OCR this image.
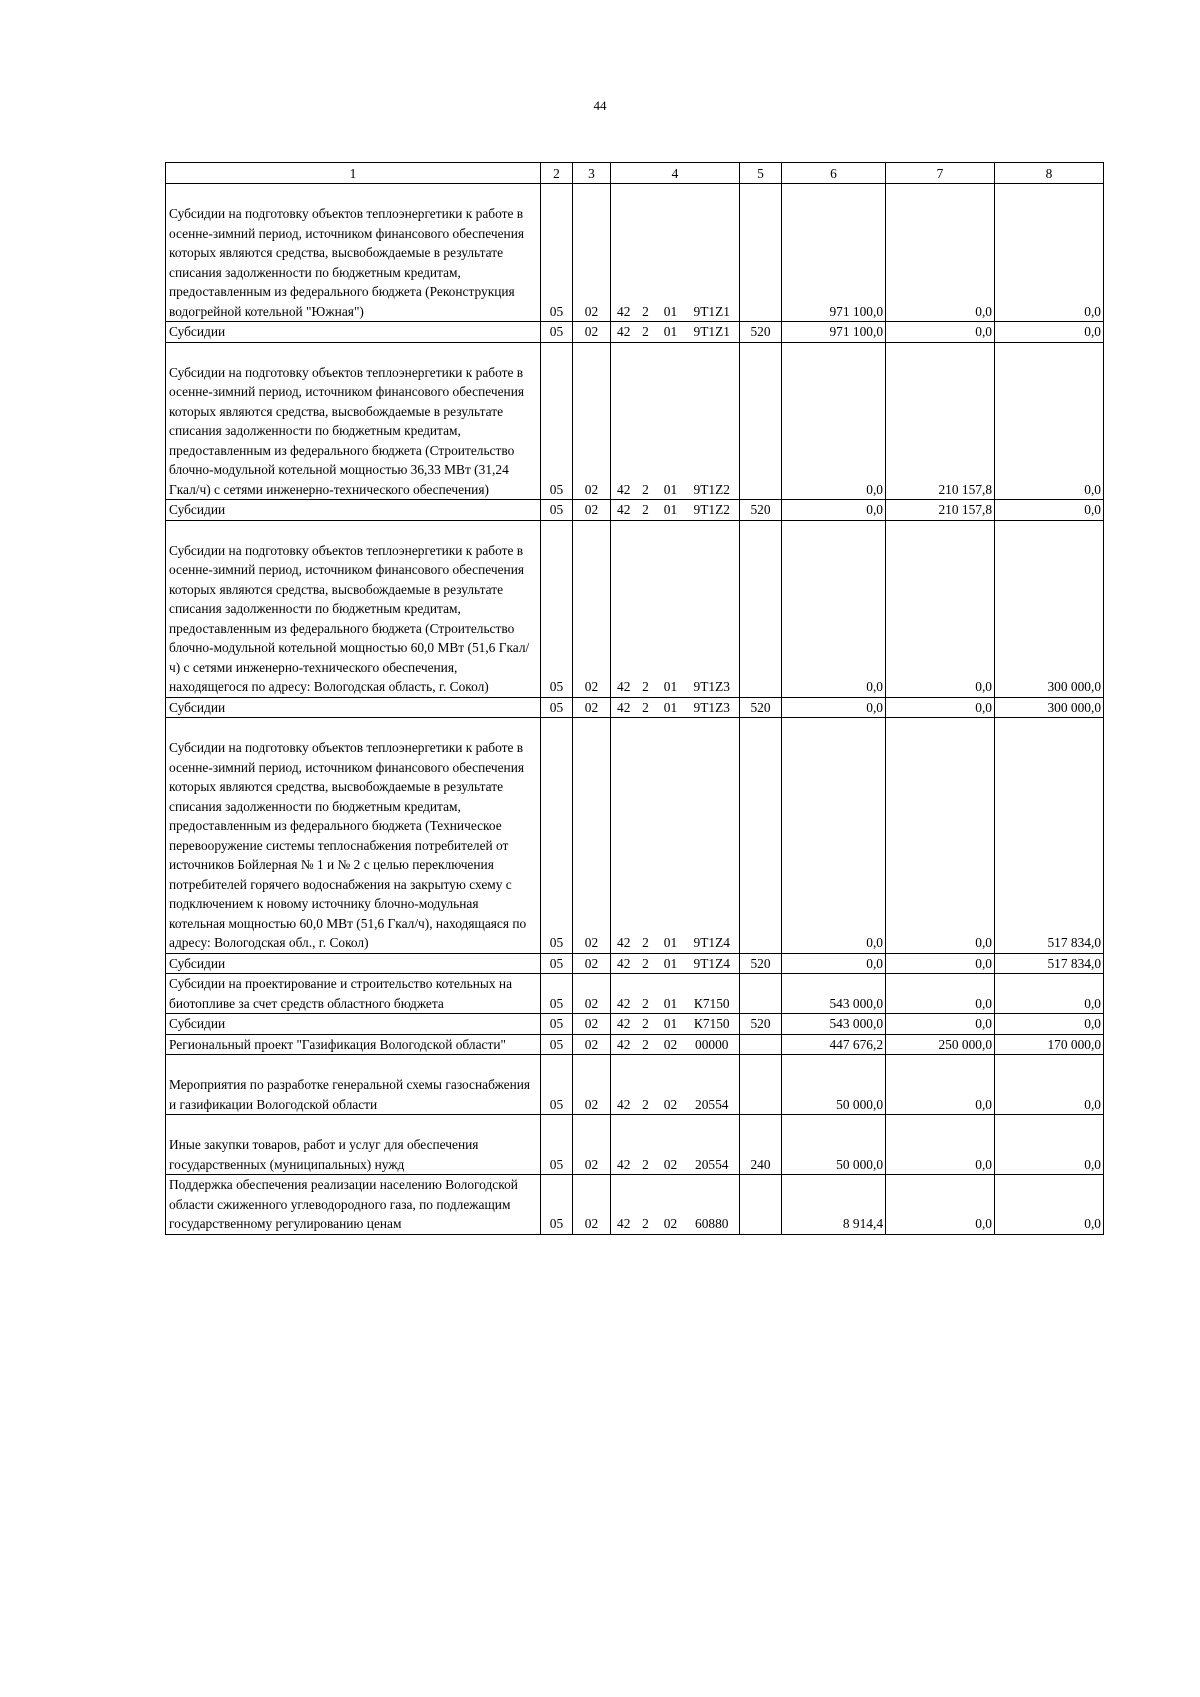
44
1	2	3	4				5	6	7	8
Субсидии на подготовку объектов теплоэнергетики к работе в осенне-зимний период, источником финансового обеспечения которых являются средства, высвобождаемые в результате списания задолженности по бюджетным кредитам, предоставленным из федерального бюджета (Реконструкция водогрейной котельной "Южная")	05	02	42	2	01	9Т1Z1		971 100,0	0,0	0,0
Субсидии	05	02	42	2	01	9Т1Z1	520	971 100,0	0,0	0,0
Субсидии на подготовку объектов теплоэнергетики к работе в осенне-зимний период, источником финансового обеспечения которых являются средства, высвобождаемые в результате списания задолженности по бюджетным кредитам, предоставленным из федерального бюджета (Строительство блочно-модульной котельной мощностью 36,33 МВт (31,24 Гкал/ч) с сетями инженерно-технического обеспечения)	05	02	42	2	01	9Т1Z2		0,0	210 157,8	0,0
Субсидии	05	02	42	2	01	9Т1Z2	520	0,0	210 157,8	0,0
Субсидии на подготовку объектов теплоэнергетики к работе в осенне-зимний период, источником финансового обеспечения которых являются средства, высвобождаемые в результате списания задолженности по бюджетным кредитам, предоставленным из федерального бюджета (Строительство блочно-модульной котельной мощностью 60,0 МВт (51,6 Гкал/ч) с сетями инженерно-технического обеспечения, находящегося по адресу: Вологодская область, г. Сокол)	05	02	42	2	01	9Т1Z3		0,0	0,0	300 000,0
Субсидии	05	02	42	2	01	9Т1Z3	520	0,0	0,0	300 000,0
Субсидии на подготовку объектов теплоэнергетики к работе в осенне-зимний период, источником финансового обеспечения которых являются средства, высвобождаемые в результате списания задолженности по бюджетным кредитам, предоставленным из федерального бюджета (Техническое перевооружение системы теплоснабжения потребителей от источников Бойлерная № 1 и № 2 с целью переключения потребителей горячего водоснабжения на закрытую схему с подключением к новому источнику блочно-модульная котельная мощностью 60,0 МВт (51,6 Гкал/ч), находящаяся по адресу: Вологодская обл., г. Сокол)	05	02	42	2	01	9Т1Z4		0,0	0,0	517 834,0
Субсидии	05	02	42	2	01	9Т1Z4	520	0,0	0,0	517 834,0
Субсидии на проектирование и строительство котельных на биотопливе за счет средств областного бюджета	05	02	42	2	01	К7150		543 000,0	0,0	0,0
Субсидии	05	02	42	2	01	К7150	520	543 000,0	0,0	0,0
Региональный проект "Газификация Вологодской области"	05	02	42	2	02	00000		447 676,2	250 000,0	170 000,0
Мероприятия по разработке генеральной схемы газоснабжения и газификации Вологодской области	05	02	42	2	02	20554		50 000,0	0,0	0,0
Иные закупки товаров, работ и услуг для обеспечения государственных (муниципальных) нужд	05	02	42	2	02	20554	240	50 000,0	0,0	0,0
Поддержка обеспечения реализации населению Вологодской области сжиженного углеводородного газа, по подлежащим государственному регулированию ценам	05	02	42	2	02	60880		8 914,4	0,0	0,0
